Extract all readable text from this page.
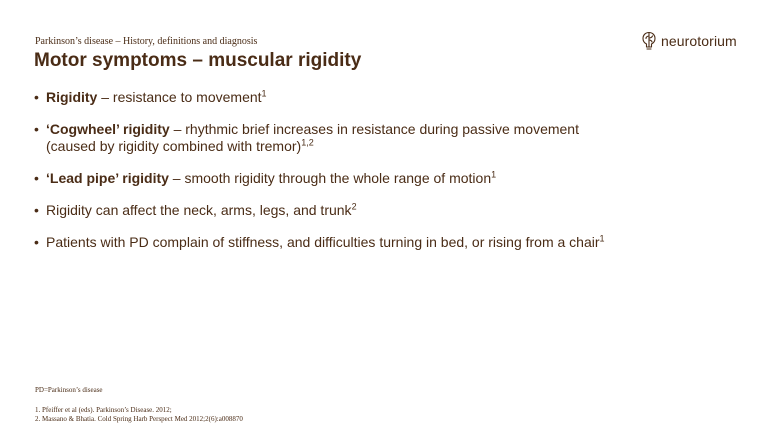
Parkinson’s disease – History, definitions and diagnosis
Motor symptoms – muscular rigidity
neurotorium
• Rigidity – resistance to movement$^1$
• ‘Cogwheel’ rigidity – rhythmic brief increases in resistance during passive movement
(caused by rigidity combined with tremor)$^{1,2}$
• ‘Lead pipe’ rigidity – smooth rigidity through the whole range of motion$^1$
• Rigidity can affect the neck, arms, legs, and trunk$^2$
• Patients with PD complain of stiffness, and difficulties turning in bed, or rising from a chair$^1$
PD=Parkinson’s disease
1. Pfeiffer et al (eds). Parkinson’s Disease. 2012;
2. Massano & Bhatia. Cold Spring Harb Perspect Med 2012;2(6):a008870
